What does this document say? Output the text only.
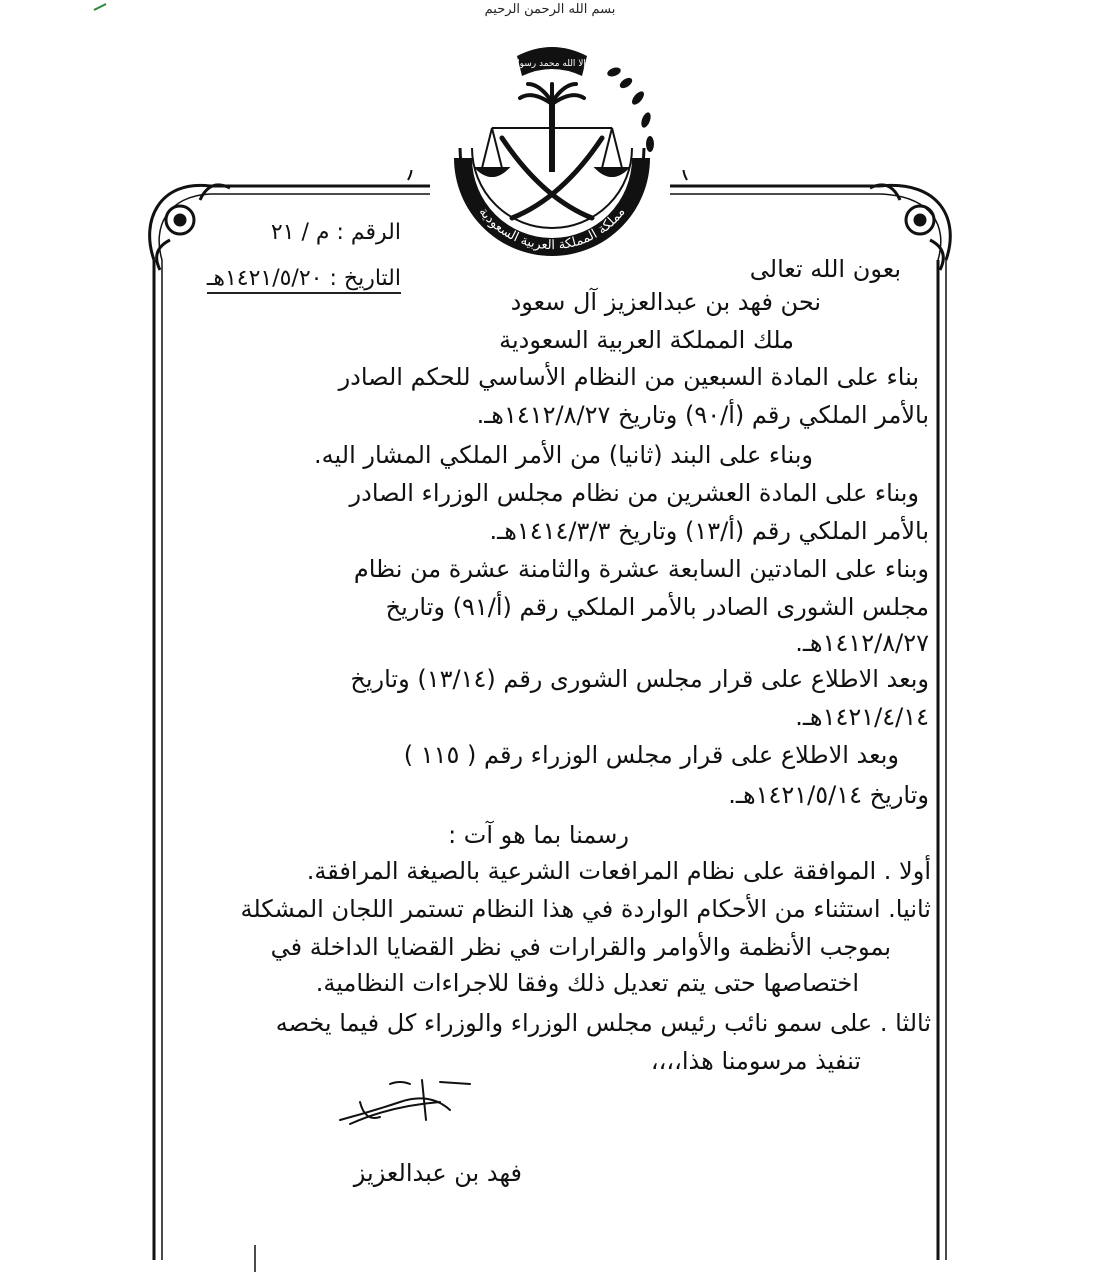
بسم الله الرحمن الرحيم
مملكة المملكة العربية السعودية
لا إله إلا الله محمد رسول الله
الرقم : م / ٢١
التاريخ : ١٤٢١/٥/٢٠هـ	بعون الله تعالى
نحن فهد بن عبدالعزيز آل سعود
ملك المملكة العربية السعودية
بناء على المادة السبعين من النظام الأساسي للحكم الصادر
بالأمر الملكي رقم (أ/٩٠) وتاريخ ١٤١٢/٨/٢٧هـ.
وبناء على البند (ثانيا) من الأمر الملكي المشار اليه.
وبناء على المادة العشرين من نظام مجلس الوزراء الصادر
بالأمر الملكي رقم (أ/١٣) وتاريخ ١٤١٤/٣/٣هـ.
وبناء على المادتين السابعة عشرة والثامنة عشرة من نظام
مجلس الشورى الصادر بالأمر الملكي رقم (أ/٩١) وتاريخ
١٤١٢/٨/٢٧هـ.
وبعد الاطلاع على قرار مجلس الشورى رقم (١٣/١٤) وتاريخ
١٤٢١/٤/١٤هـ.
وبعد الاطلاع على قرار مجلس الوزراء رقم ( ١١٥ )
وتاريخ ١٤٢١/٥/١٤هـ.
رسمنا بما هو آت :
أولا . الموافقة على نظام المرافعات الشرعية بالصيغة المرافقة.
ثانيا. استثناء من الأحكام الواردة في هذا النظام تستمر اللجان المشكلة
بموجب الأنظمة والأوامر والقرارات في نظر القضايا الداخلة في
اختصاصها حتى يتم تعديل ذلك وفقا للاجراءات النظامية.
ثالثا . على سمو نائب رئيس مجلس الوزراء والوزراء كل فيما يخصه
تنفيذ مرسومنا هذا،،،،
فهد بن عبدالعزيز
